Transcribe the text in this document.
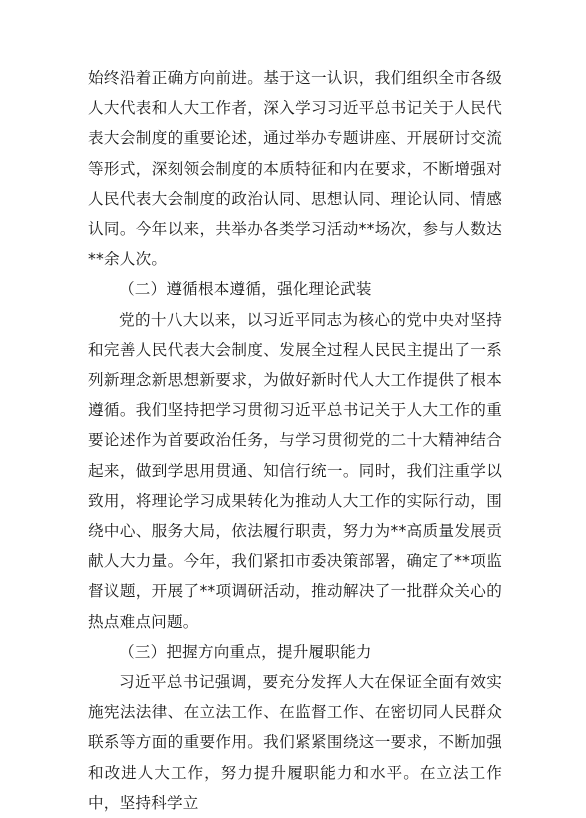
始终沿着正确方向前进。基于这一认识，我们组织全市各级人大代表和人大工作者，深入学习习近平总书记关于人民代表大会制度的重要论述，通过举办专题讲座、开展研讨交流等形式，深刻领会制度的本质特征和内在要求，不断增强对人民代表大会制度的政治认同、思想认同、理论认同、情感认同。今年以来，共举办各类学习活动**场次，参与人数达**余人次。

（二）遵循根本遵循，强化理论武装

党的十八大以来，以习近平同志为核心的党中央对坚持和完善人民代表大会制度、发展全过程人民民主提出了一系列新理念新思想新要求，为做好新时代人大工作提供了根本遵循。我们坚持把学习贯彻习近平总书记关于人大工作的重要论述作为首要政治任务，与学习贯彻党的二十大精神结合起来，做到学思用贯通、知信行统一。同时，我们注重学以致用，将理论学习成果转化为推动人大工作的实际行动，围绕中心、服务大局，依法履行职责，努力为**高质量发展贡献人大力量。今年，我们紧扣市委决策部署，确定了**项监督议题，开展了**项调研活动，推动解决了一批群众关心的热点难点问题。

（三）把握方向重点，提升履职能力

习近平总书记强调，要充分发挥人大在保证全面有效实施宪法法律、在立法工作、在监督工作、在密切同人民群众联系等方面的重要作用。我们紧紧围绕这一要求，不断加强和改进人大工作，努力提升履职能力和水平。在立法工作中，坚持科学立
